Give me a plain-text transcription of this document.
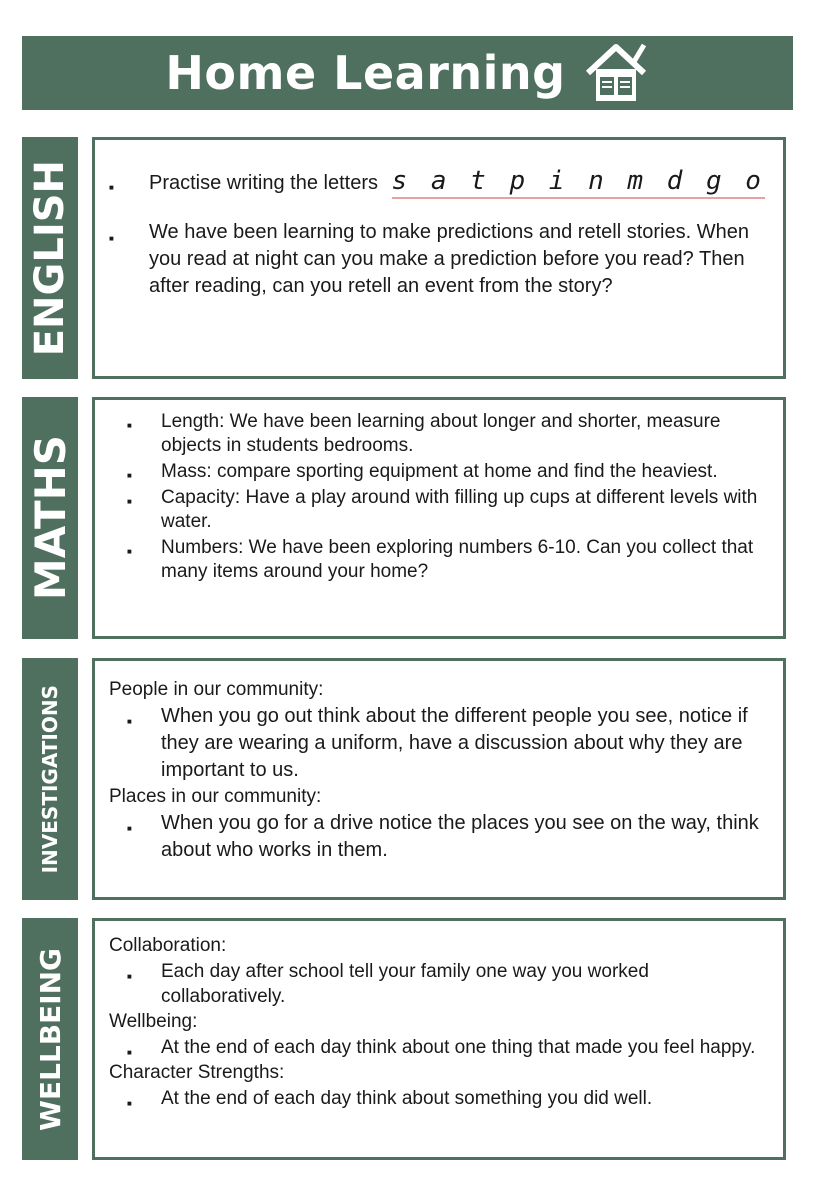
Home Learning
ENGLISH
■	Practise writing the letters s a t p i n m d g o
■ We have been learning to make predictions and retell stories. When you read at night can you make a prediction before you read? Then after reading, can you retell an event from the story?
MATHS
■ Length: We have been learning about longer and shorter, measure objects in students bedrooms.
■ Mass: compare sporting equipment at home and find the heaviest.
■ Capacity: Have a play around with filling up cups at different levels with water.
■ Numbers: We have been exploring numbers 6-10. Can you collect that many items around your home?
INVESTIGATIONS People in our community:
■ When you go out think about the different people you see, notice if they are wearing a uniform, have a discussion about why they are important to us.
Places in our community:
■ When you go for a drive notice the places you see on the way, think about who works in them.
WELLBEING
Collaboration:
■ Each day after school tell your family one way you worked collaboratively.
Wellbeing:
■ At the end of each day think about one thing that made you feel happy.
Character Strengths:
■ At the end of each day think about something you did well.
